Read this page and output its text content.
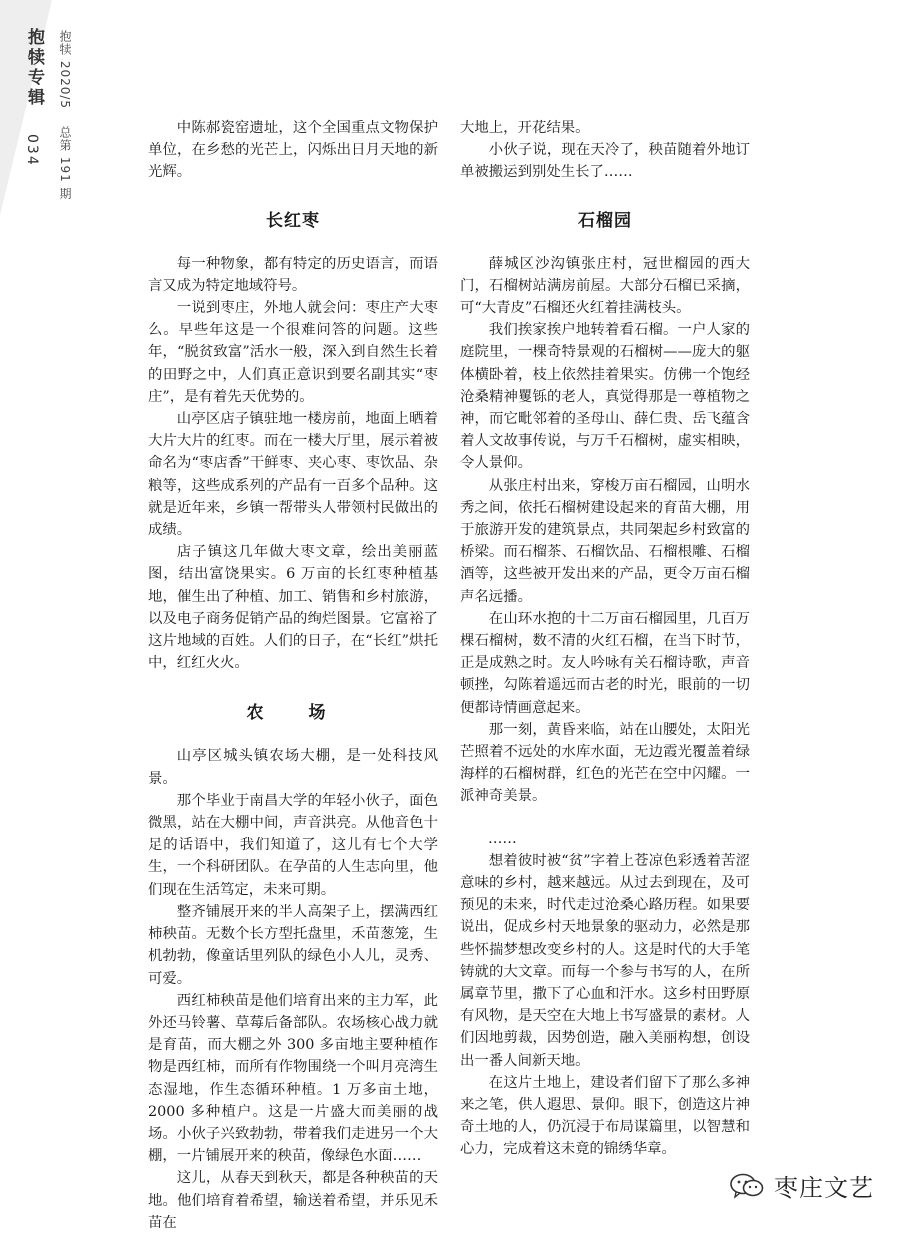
抱犊专辑
034
抱犊 2020/5 总第 191 期	中陈郝瓷窑遗址，这个全国重点文物保护单位，在乡愁的光芒上，闪烁出日月天地的新光辉。

长红枣

每一种物象，都有特定的历史语言，而语言又成为特定地域符号。

一说到枣庄，外地人就会问：枣庄产大枣么。早些年这是一个很难问答的问题。这些年，“脱贫致富”活水一般，深入到自然生长着的田野之中，人们真正意识到要名副其实“枣庄”，是有着先天优势的。

山亭区店子镇驻地一楼房前，地面上晒着大片大片的红枣。而在一楼大厅里，展示着被命名为“枣店香”干鲜枣、夹心枣、枣饮品、杂粮等，这些成系列的产品有一百多个品种。这就是近年来，乡镇一帮带头人带领村民做出的成绩。

店子镇这几年做大枣文章，绘出美丽蓝图，结出富饶果实。6 万亩的长红枣种植基地，催生出了种植、加工、销售和乡村旅游，以及电子商务促销产品的绚烂图景。它富裕了这片地域的百姓。人们的日子，在“长红”烘托中，红红火火。

农　场

山亭区城头镇农场大棚，是一处科技风景。

那个毕业于南昌大学的年轻小伙子，面色微黑，站在大棚中间，声音洪亮。从他音色十足的话语中，我们知道了，这儿有七个大学生，一个科研团队。在孕苗的人生志向里，他们现在生活笃定，未来可期。

整齐铺展开来的半人高架子上，摆满西红柿秧苗。无数个长方型托盘里，禾苗葱笼，生机勃勃，像童话里列队的绿色小人儿，灵秀、可爱。

西红柿秧苗是他们培育出来的主力军，此外还马铃薯、草莓后备部队。农场核心战力就是育苗，而大棚之外 300 多亩地主要种植作物是西红柿，而所有作物围绕一个叫月亮湾生态湿地，作生态循环种植。1 万多亩土地，2000 多种植户。这是一片盛大而美丽的战场。小伙子兴致勃勃，带着我们走进另一个大棚，一片铺展开来的秧苗，像绿色水面……

这儿，从春天到秋天，都是各种秧苗的天地。他们培育着希望，输送着希望，并乐见禾苗在

大地上，开花结果。

小伙子说，现在天冷了，秧苗随着外地订单被搬运到别处生长了……

石榴园

薛城区沙沟镇张庄村，冠世榴园的西大门，石榴树站满房前屋。大部分石榴已采摘，可“大青皮”石榴还火红着挂满枝头。

我们挨家挨户地转着看石榴。一户人家的庭院里，一棵奇特景观的石榴树——庞大的躯体横卧着，枝上依然挂着果实。仿佛一个饱经沧桑精神矍铄的老人，真觉得那是一尊植物之神，而它毗邻着的圣母山、薛仁贵、岳飞蕴含着人文故事传说，与万千石榴树，虚实相映，令人景仰。

从张庄村出来，穿梭万亩石榴园，山明水秀之间，依托石榴树建设起来的育苗大棚，用于旅游开发的建筑景点，共同架起乡村致富的桥梁。而石榴茶、石榴饮品、石榴根雕、石榴酒等，这些被开发出来的产品，更令万亩石榴声名远播。

在山环水抱的十二万亩石榴园里，几百万棵石榴树，数不清的火红石榴，在当下时节，正是成熟之时。友人吟咏有关石榴诗歌，声音顿挫，勾陈着遥远而古老的时光，眼前的一切便都诗情画意起来。

那一刻，黄昏来临，站在山腰处，太阳光芒照着不远处的水库水面，无边霞光覆盖着绿海样的石榴树群，红色的光芒在空中闪耀。一派神奇美景。

……

想着彼时被“贫”字着上苍凉色彩透着苦涩意味的乡村，越来越远。从过去到现在，及可预见的未来，时代走过沧桑心路历程。如果要说出，促成乡村天地景象的驱动力，必然是那些怀揣梦想改变乡村的人。这是时代的大手笔铸就的大文章。而每一个参与书写的人，在所属章节里，撒下了心血和汗水。这乡村田野原有风物，是天空在大地上书写盛景的素材。人们因地剪裁，因势创造，融入美丽构想，创设出一番人间新天地。

在这片土地上，建设者们留下了那么多神来之笔，供人遐思、景仰。眼下，创造这片神奇土地的人，仍沉浸于布局谋篇里，以智慧和心力，完成着这未竟的锦绣华章。

枣庄文艺
